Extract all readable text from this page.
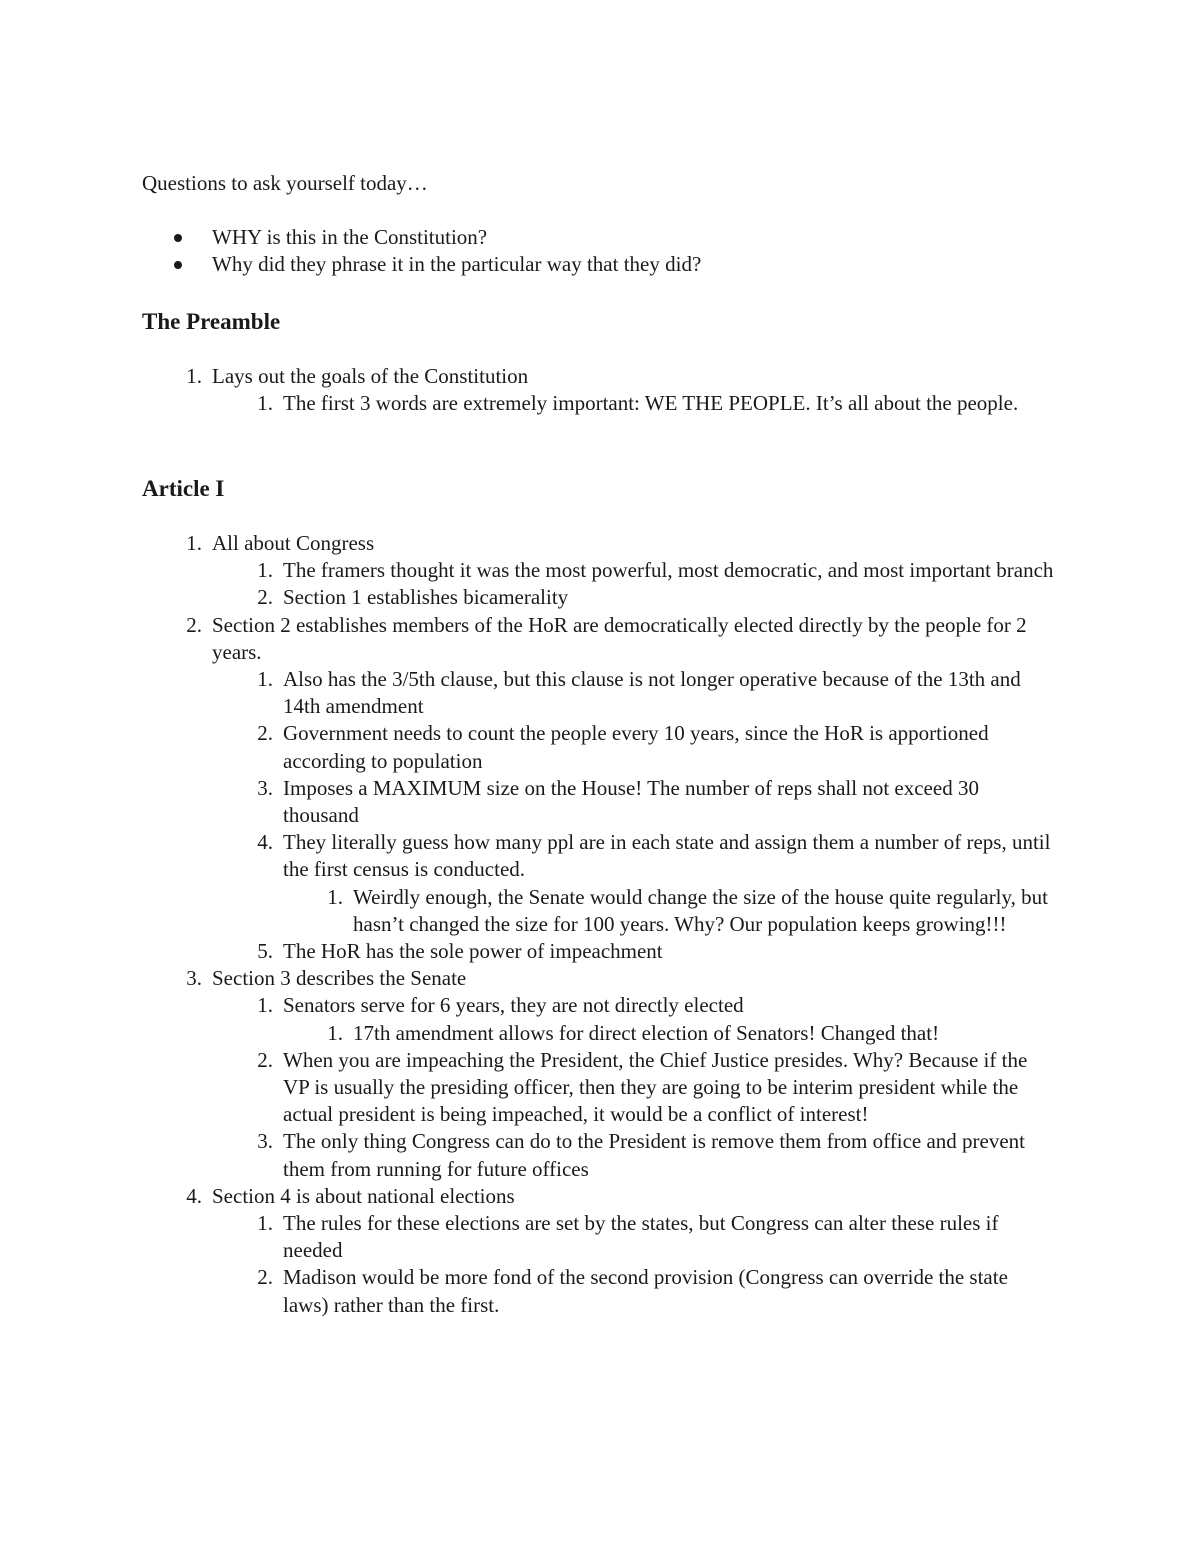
Questions to ask yourself today…

WHY is this in the Constitution?
Why did they phrase it in the particular way that they did?
The Preamble
1. Lays out the goals of the Constitution
1. The first 3 words are extremely important: WE THE PEOPLE. It’s all about the people.
Article I
1. All about Congress
1. The framers thought it was the most powerful, most democratic, and most important branch
2. Section 1 establishes bicamerality
2. Section 2 establishes members of the HoR are democratically elected directly by the people for 2 years.
1. Also has the 3/5th clause, but this clause is not longer operative because of the 13th and 14th amendment
2. Government needs to count the people every 10 years, since the HoR is apportioned according to population
3. Imposes a MAXIMUM size on the House! The number of reps shall not exceed 30 thousand
4. They literally guess how many ppl are in each state and assign them a number of reps, until the first census is conducted.
1. Weirdly enough, the Senate would change the size of the house quite regularly, but hasn’t changed the size for 100 years. Why? Our population keeps growing!!!
5. The HoR has the sole power of impeachment
3. Section 3 describes the Senate
1. Senators serve for 6 years, they are not directly elected
1. 17th amendment allows for direct election of Senators! Changed that!
2. When you are impeaching the President, the Chief Justice presides. Why? Because if the VP is usually the presiding officer, then they are going to be interim president while the actual president is being impeached, it would be a conflict of interest!
3. The only thing Congress can do to the President is remove them from office and prevent them from running for future offices
4. Section 4 is about national elections
1. The rules for these elections are set by the states, but Congress can alter these rules if needed
2. Madison would be more fond of the second provision (Congress can override the state laws) rather than the first.
